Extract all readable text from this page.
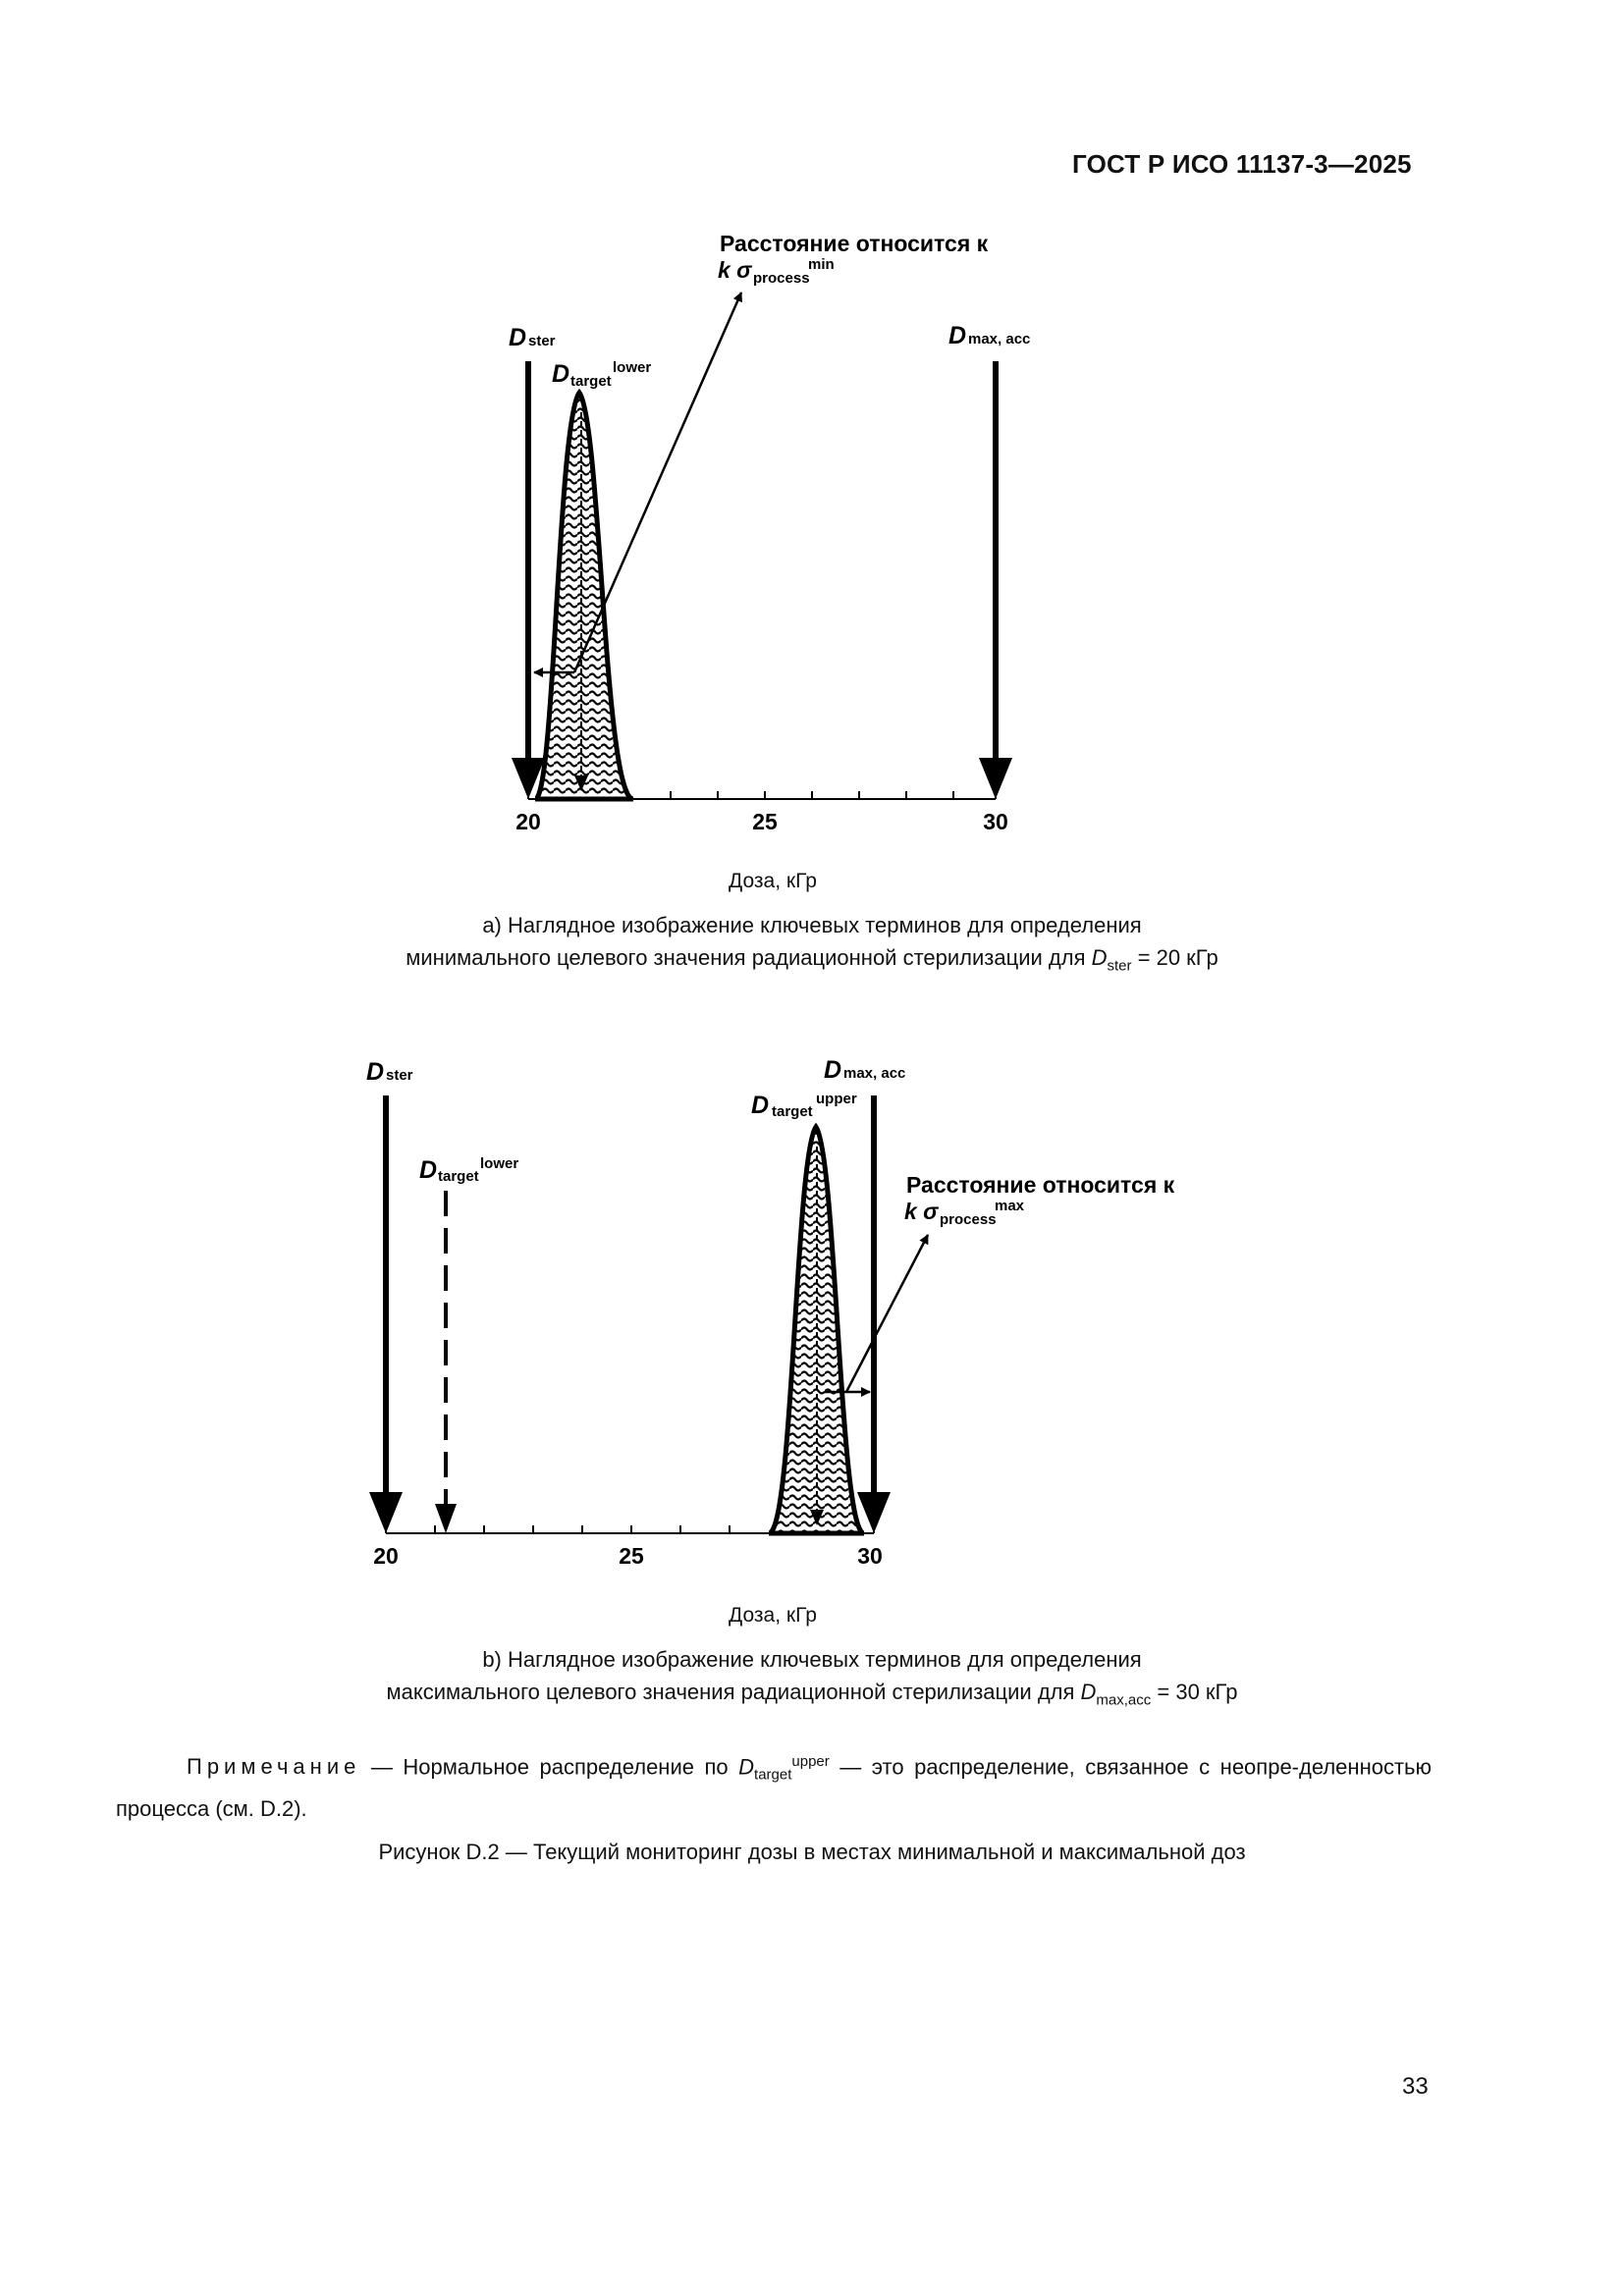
ГОСТ Р ИСО 11137-3—2025
D ster	D max, acc
D target
lower
Расстояние относится к
k σ process
min
20	25	30
D ster	D max, acc
D target
upper
D target
lower
Расстояние относится к
k σ process
max
20	25	30
Доза, кГр
а) Наглядное изображение ключевых терминов для определения
минимального целевого значения радиационной стерилизации для $D_{ster} = 20$ кГр
Доза, кГр
b) Наглядное изображение ключевых терминов для определения
максимального целевого значения радиационной стерилизации для $D_{max,acc} = 30$ кГр
Примечание — Нормальное распределение по $D_{target}^{upper}$ — это распределение, связанное с неопре-деленностью процесса (см. D.2).
Рисунок D.2 — Текущий мониторинг дозы в местах минимальной и максимальной доз
33
